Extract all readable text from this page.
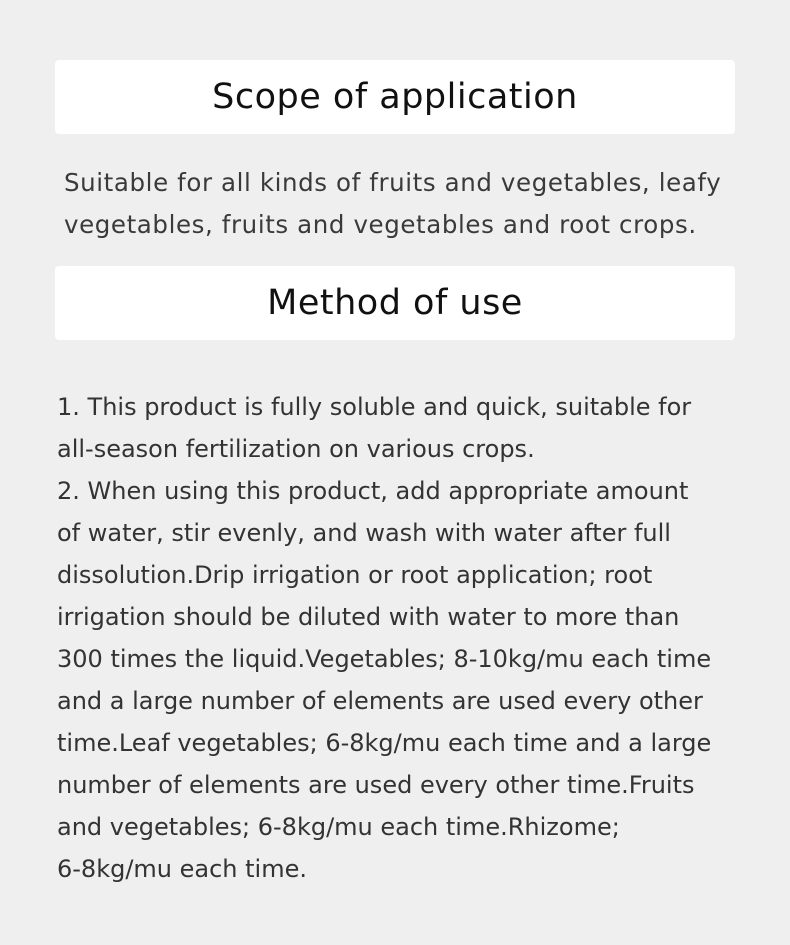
Scope of application

Suitable for all kinds of fruits and vegetables, leafy

vegetables, fruits and vegetables and root crops.

Method of use

1. This product is fully soluble and quick, suitable for

all-season fertilization on various crops.

2. When using this product, add appropriate amount

of water, stir evenly, and wash with water after full

dissolution.Drip irrigation or root application; root

irrigation should be diluted with water to more than

300 times the liquid.Vegetables; 8-10kg/mu each time

and a large number of elements are used every other

time.Leaf vegetables; 6-8kg/mu each time and a large

number of elements are used every other time.Fruits

and vegetables; 6-8kg/mu each time.Rhizome;

6-8kg/mu each time.
